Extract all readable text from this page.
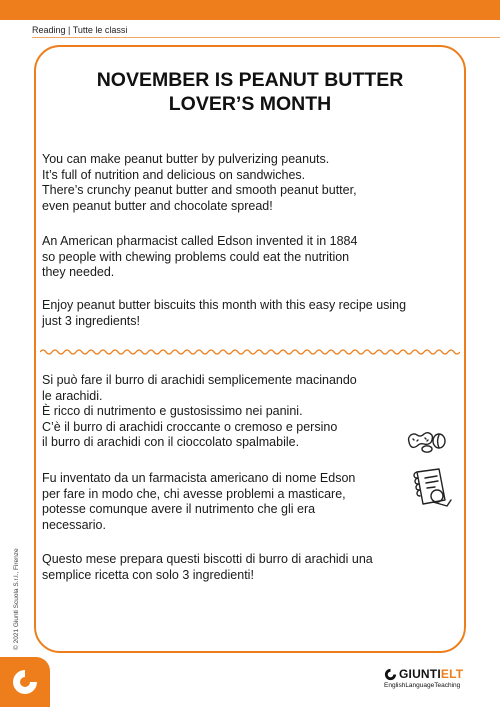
Reading | Tutte le classi
NOVEMBER IS PEANUT BUTTER
LOVER’S MONTH
You can make peanut butter by pulverizing peanuts.
It’s full of nutrition and delicious on sandwiches.
There’s crunchy peanut butter and smooth peanut butter,
even peanut butter and chocolate spread!
An American pharmacist called Edson invented it in 1884
so people with chewing problems could eat the nutrition
they needed.
Enjoy peanut butter biscuits this month with this easy recipe using
just 3 ingredients!
Si può fare il burro di arachidi semplicemente macinando
le arachidi.
È ricco di nutrimento e gustosissimo nei panini.
C’è il burro di arachidi croccante o cremoso e persino
il burro di arachidi con il cioccolato spalmabile.
Fu inventato da un farmacista americano di nome Edson
per fare in modo che, chi avesse problemi a masticare,
potesse comunque avere il nutrimento che gli era
necessario.
Questo mese prepara questi biscotti di burro di arachidi una
semplice ricetta con solo 3 ingredienti!
© 2021 Giunti Scuola S.r.l., Firenze
GIUNTIELT
EnglishLanguageTeaching
